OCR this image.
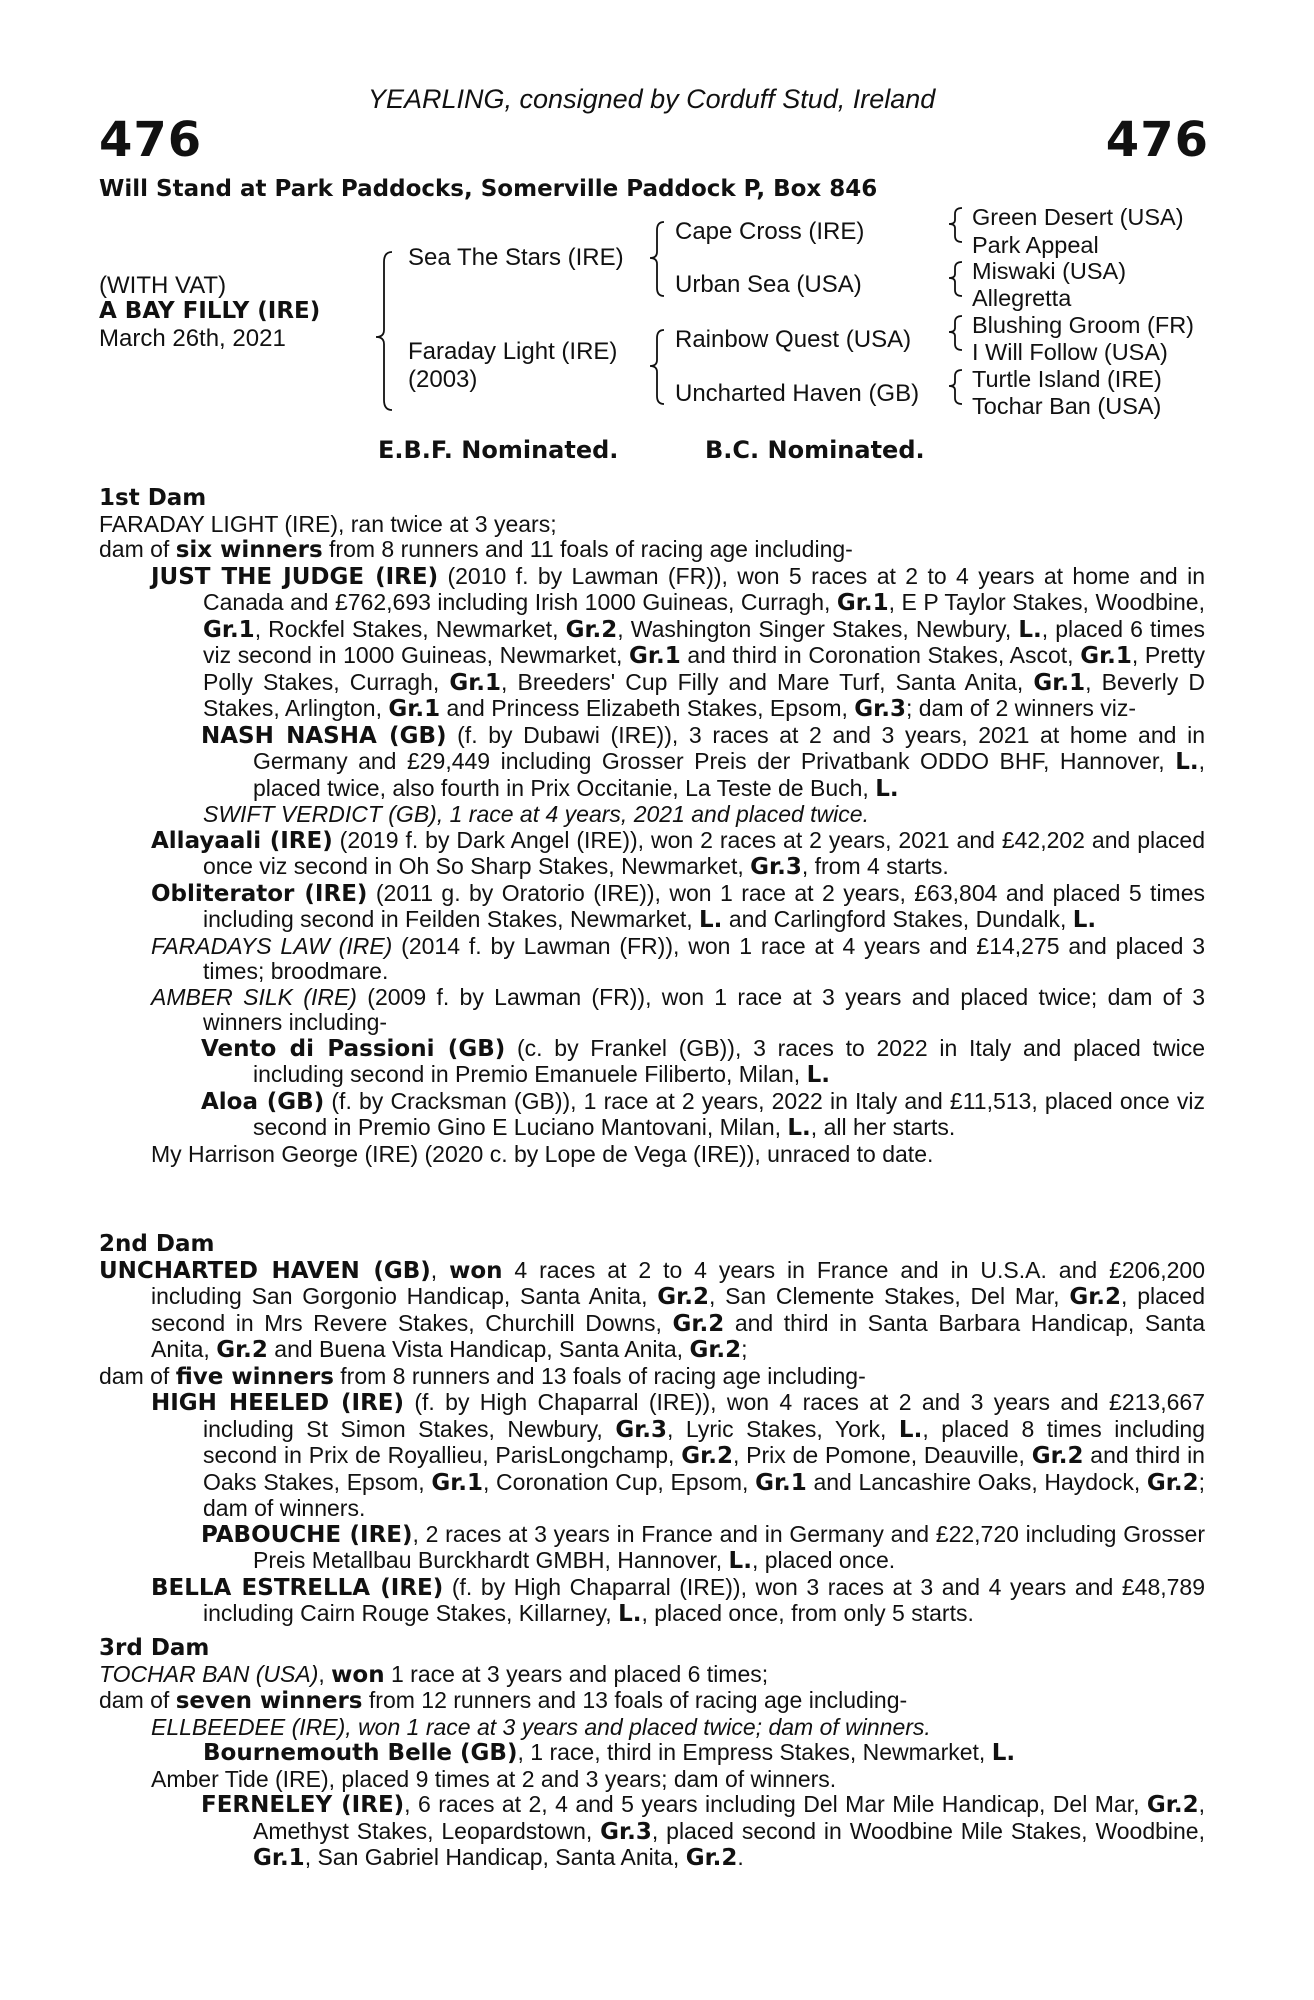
YEARLING, consigned by Corduff Stud, Ireland
476	476
Will Stand at Park Paddocks, Somerville Paddock P, Box 846
(WITH VAT)
A BAY FILLY (IRE)
March 26th, 2021
Sea The Stars (IRE)
Faraday Light (IRE)
(2003)
Cape Cross (IRE)
Urban Sea (USA)
Rainbow Quest (USA)
Uncharted Haven (GB)
Green Desert (USA)
Park Appeal
Miswaki (USA)
Allegretta
Blushing Groom (FR)
I Will Follow (USA)
Turtle Island (IRE)
Tochar Ban (USA)
E.B.F. Nominated.	B.C. Nominated.

1st Dam

FARADAY LIGHT (IRE), ran twice at 3 years;

dam of six winners from 8 runners and 11 foals of racing age including-

JUST THE JUDGE (IRE) (2010 f. by Lawman (FR)), won 5 races at 2 to 4 years at home and in Canada and £762,693 including Irish 1000 Guineas, Curragh, Gr.1, E P Taylor Stakes, Woodbine, Gr.1, Rockfel Stakes, Newmarket, Gr.2, Washington Singer Stakes, Newbury, L., placed 6 times viz second in 1000 Guineas, Newmarket, Gr.1 and third in Coronation Stakes, Ascot, Gr.1, Pretty Polly Stakes, Curragh, Gr.1, Breeders' Cup Filly and Mare Turf, Santa Anita, Gr.1, Beverly D Stakes, Arlington, Gr.1 and Princess Elizabeth Stakes, Epsom, Gr.3; dam of 2 winners viz-

NASH NASHA (GB) (f. by Dubawi (IRE)), 3 races at 2 and 3 years, 2021 at home and in Germany and £29,449 including Grosser Preis der Privatbank ODDO BHF, Hannover, L., placed twice, also fourth in Prix Occitanie, La Teste de Buch, L.

SWIFT VERDICT (GB), 1 race at 4 years, 2021 and placed twice.

Allayaali (IRE) (2019 f. by Dark Angel (IRE)), won 2 races at 2 years, 2021 and £42,202 and placed once viz second in Oh So Sharp Stakes, Newmarket, Gr.3, from 4 starts.

Obliterator (IRE) (2011 g. by Oratorio (IRE)), won 1 race at 2 years, £63,804 and placed 5 times including second in Feilden Stakes, Newmarket, L. and Carlingford Stakes, Dundalk, L.

FARADAYS LAW (IRE) (2014 f. by Lawman (FR)), won 1 race at 4 years and £14,275 and placed 3 times; broodmare.

AMBER SILK (IRE) (2009 f. by Lawman (FR)), won 1 race at 3 years and placed twice; dam of 3 winners including-

Vento di Passioni (GB) (c. by Frankel (GB)), 3 races to 2022 in Italy and placed twice including second in Premio Emanuele Filiberto, Milan, L.

Aloa (GB) (f. by Cracksman (GB)), 1 race at 2 years, 2022 in Italy and £11,513, placed once viz second in Premio Gino E Luciano Mantovani, Milan, L., all her starts.

My Harrison George (IRE) (2020 c. by Lope de Vega (IRE)), unraced to date.

2nd Dam

UNCHARTED HAVEN (GB), won 4 races at 2 to 4 years in France and in U.S.A. and £206,200 including San Gorgonio Handicap, Santa Anita, Gr.2, San Clemente Stakes, Del Mar, Gr.2, placed second in Mrs Revere Stakes, Churchill Downs, Gr.2 and third in Santa Barbara Handicap, Santa Anita, Gr.2 and Buena Vista Handicap, Santa Anita, Gr.2;

dam of five winners from 8 runners and 13 foals of racing age including-

HIGH HEELED (IRE) (f. by High Chaparral (IRE)), won 4 races at 2 and 3 years and £213,667 including St Simon Stakes, Newbury, Gr.3, Lyric Stakes, York, L., placed 8 times including second in Prix de Royallieu, ParisLongchamp, Gr.2, Prix de Pomone, Deauville, Gr.2 and third in Oaks Stakes, Epsom, Gr.1, Coronation Cup, Epsom, Gr.1 and Lancashire Oaks, Haydock, Gr.2; dam of winners.

PABOUCHE (IRE), 2 races at 3 years in France and in Germany and £22,720 including Grosser Preis Metallbau Burckhardt GMBH, Hannover, L., placed once.

BELLA ESTRELLA (IRE) (f. by High Chaparral (IRE)), won 3 races at 3 and 4 years and £48,789 including Cairn Rouge Stakes, Killarney, L., placed once, from only 5 starts.

3rd Dam

TOCHAR BAN (USA), won 1 race at 3 years and placed 6 times;

dam of seven winners from 12 runners and 13 foals of racing age including-

ELLBEEDEE (IRE), won 1 race at 3 years and placed twice; dam of winners.

Bournemouth Belle (GB), 1 race, third in Empress Stakes, Newmarket, L.

Amber Tide (IRE), placed 9 times at 2 and 3 years; dam of winners.

FERNELEY (IRE), 6 races at 2, 4 and 5 years including Del Mar Mile Handicap, Del Mar, Gr.2, Amethyst Stakes, Leopardstown, Gr.3, placed second in Woodbine Mile Stakes, Woodbine, Gr.1, San Gabriel Handicap, Santa Anita, Gr.2.
